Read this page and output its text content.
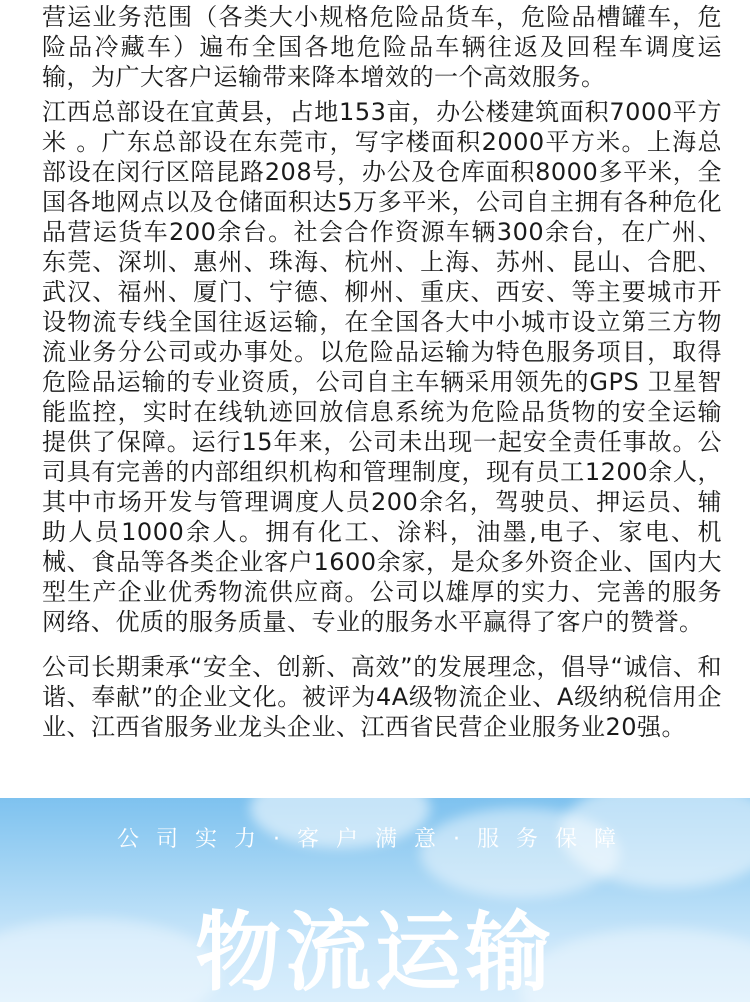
营运业务范围（各类大小规格危险品货车，危险品槽罐车，危险品冷藏车）遍布全国各地危险品车辆往返及回程车调度运输，为广大客户运输带来降本增效的一个高效服务。

江西总部设在宜黄县，占地153亩，办公楼建筑面积7000平方米 。广东总部设在东莞市，写字楼面积2000平方米。上海总部设在闵行区陪昆路208号，办公及仓库面积8000多平米，全国各地网点以及仓储面积达5万多平米，公司自主拥有各种危化品营运货车200余台。社会合作资源车辆300余台，在广州、东莞、深圳、惠州、珠海、杭州、上海、苏州、昆山、合肥、武汉、福州、厦门、宁德、柳州、重庆、西安、等主要城市开设物流专线全国往返运输，在全国各大中小城市设立第三方物流业务分公司或办事处。以危险品运输为特色服务项目，取得危险品运输的专业资质，公司自主车辆采用领先的GPS 卫星智能监控，实时在线轨迹回放信息系统为危险品货物的安全运输提供了保障。运行15年来，公司未出现一起安全责任事故。公司具有完善的内部组织机构和管理制度，现有员工1200余人，其中市场开发与管理调度人员200余名，驾驶员、押运员、辅助人员1000余人。拥有化工、涂料，油墨,电子、家电、机械、食品等各类企业客户1600余家，是众多外资企业、国内大型生产企业优秀物流供应商。公司以雄厚的实力、完善的服务网络、优质的服务质量、专业的服务水平赢得了客户的赞誉。

公司长期秉承“安全、创新、高效”的发展理念，倡导“诚信、和谐、奉献”的企业文化。被评为4A级物流企业、A级纳税信用企业、江西省服务业龙头企业、江西省民营企业服务业20强。

公司实力·客户满意·服务保障
物流运输
